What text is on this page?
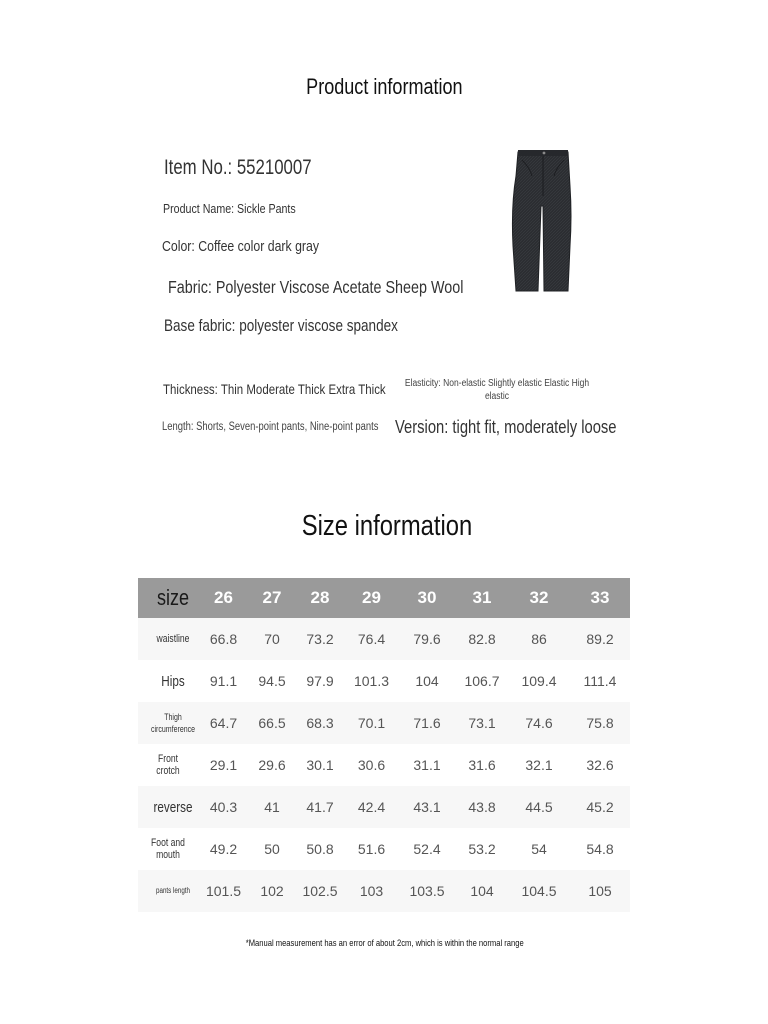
Product information
Item No.: 55210007
Product Name: Sickle Pants
Color: Coffee color dark gray
Fabric: Polyester Viscose Acetate Sheep Wool
Base fabric: polyester viscose spandex
Thickness: Thin Moderate Thick Extra Thick	Elasticity: Non-elastic Slightly elastic Elastic High elastic
Length: Shorts, Seven-point pants, Nine-point pants Version: tight fit, moderately loose
Size information
size	26	27	28	29	30	31	32	33
waistline	66.8	70	73.2	76.4	79.6	82.8	86	89.2
Hips	91.1	94.5	97.9	101.3	104	106.7	109.4	111.4
Thigh circumference	64.7	66.5	68.3	70.1	71.6	73.1	74.6	75.8
Front crotch	29.1	29.6	30.1	30.6	31.1	31.6	32.1	32.6
reverse	40.3	41	41.7	42.4	43.1	43.8	44.5	45.2
Foot and mouth	49.2	50	50.8	51.6	52.4	53.2	54	54.8
pants length	101.5	102	102.5	103	103.5	104	104.5	105
*Manual measurement has an error of about 2cm, which is within the normal range
